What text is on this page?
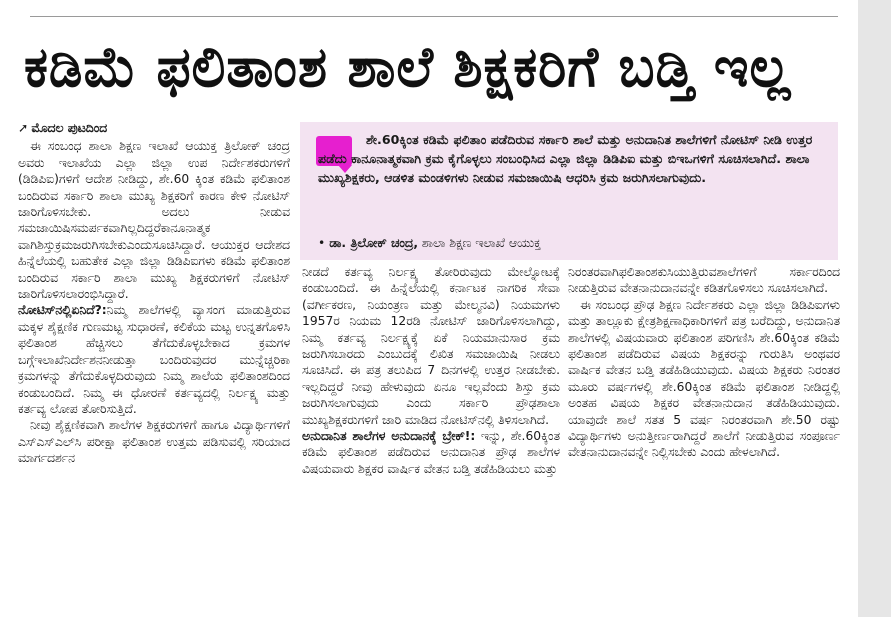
ಕಡಿಮೆ ಫಲಿತಾಂಶ ಶಾಲೆ ಶಿಕ್ಷಕರಿಗೆ ಬಡ್ತಿ ಇಲ್ಲ
➚ ಮೊದಲ ಪುಟದಿಂದ

ಈ ಸಂಬಂಧ ಶಾಲಾ ಶಿಕ್ಷಣ ಇಲಾಖೆ ಆಯುಕ್ತ ತ್ರಿಲೋಕ್ ಚಂದ್ರ ಅವರು ಇಲಾಖೆಯ ಎಲ್ಲಾ ಜಿಲ್ಲಾ ಉಪ ನಿರ್ದೇಶಕರುಗಳಿಗೆ (ಡಿಡಿಪಿಐ)ಗಳಿಗೆ ಆದೇಶ ನೀಡಿದ್ದು, ಶೇ.60 ಕ್ಕಿಂತ ಕಡಿಮೆ ಫಲಿತಾಂಶ ಬಂದಿರುವ ಸರ್ಕಾರಿ ಶಾಲಾ ಮುಖ್ಯ ಶಿಕ್ಷಕರಿಗೆ ಕಾರಣ ಕೇಳಿ ನೋಟಿಸ್ ಜಾರಿಗೊಳಿಸಬೇಕು. ಅದಲು ನೀಡುವ ಸಮಜಾಯಿಷಿಸಮರ್ಪಕವಾಗಿಲ್ಲದಿದ್ದರೆಕಾನೂನಾತ್ಮಕ ವಾಗಿಶಿಸ್ತುಕ್ರಮಜರುಗಿಸಬೇಕುಎಂದುಸೂಚಿಸಿದ್ದಾರೆ. ಆಯುಕ್ತರ ಆದೇಶದ ಹಿನ್ನೆಲೆಯಲ್ಲಿ ಬಹುತೇಕ ಎಲ್ಲಾ ಜಿಲ್ಲಾ ಡಿಡಿಪಿಐಗಳು ಕಡಿಮೆ ಫಲಿತಾಂಶ ಬಂದಿರುವ ಸರ್ಕಾರಿ ಶಾಲಾ ಮುಖ್ಯ ಶಿಕ್ಷಕರುಗಳಿಗೆ ನೋಟಿಸ್ ಜಾರಿಗೊಳಿಸಲಾರಂಭಿಸಿದ್ದಾರೆ.

ನೋಟಿಸ್‌ನಲ್ಲಿಏನಿದೆ?:ನಿಮ್ಮ ಶಾಲೆಗಳಲ್ಲಿ ವ್ಯಾಸಂಗ ಮಾಡುತ್ತಿರುವ ಮಕ್ಕಳ ಶೈಕ್ಷಣಿಕ ಗುಣಮಟ್ಟ ಸುಧಾರಣೆ, ಕಲಿಕೆಯ ಮಟ್ಟ ಉನ್ನತಗೊಳಿಸಿ ಫಲಿತಾಂಶ ಹೆಚ್ಚಿಸಲು ತೆಗೆದುಕೊಳ್ಳಬೇಕಾದ ಕ್ರಮಗಳ ಬಗ್ಗೆಇಲಾಖೆನಿರ್ದೇಶನನೀಡುತ್ತಾ ಬಂದಿರುವುದರ ಮುನ್ನೆಚ್ಚರಿಕಾ ಕ್ರಮಗಳನ್ನು ತೆಗೆದುಕೊಳ್ಳದಿರುವುದು ನಿಮ್ಮ ಶಾಲೆಯ ಫಲಿತಾಂಶದಿಂದ ಕಂಡುಬಂದಿದೆ. ನಿಮ್ಮ ಈ ಧೋರಣೆ ಕರ್ತವ್ಯದಲ್ಲಿ ನಿರ್ಲಕ್ಷ್ಯ ಮತ್ತು ಕರ್ತವ್ಯ ಲೋಪ ತೋರಿಸುತ್ತಿದೆ.

ನೀವು ಶೈಕ್ಷಣಿಕವಾಗಿ ಶಾಲೆಗಳ ಶಿಕ್ಷಕರುಗಳಿಗೆ ಹಾಗೂ ವಿದ್ಯಾರ್ಥಿಗಳಿಗೆ ಎಸ್ಎಸ್ಎಲ್‌ಸಿ ಪರೀಕ್ಷಾ ಫಲಿತಾಂಶ ಉತ್ತಮ ಪಡಿಸುವಲ್ಲಿ ಸರಿಯಾದ ಮಾರ್ಗದರ್ಶನ

ಶೇ.60ಕ್ಕಿಂತ ಕಡಿಮೆ ಫಲಿತಾಂ ಪಡೆದಿರುವ ಸರ್ಕಾರಿ ಶಾಲೆ ಮತ್ತು ಅನುದಾನಿತ ಶಾಲೆಗಳಿಗೆ ನೋಟಿಸ್ ನೀಡಿ ಉತ್ತರ ಪಡೆದು ಕಾನೂನಾತ್ಮಕವಾಗಿ ಕ್ರಮ ಕೈಗೊಳ್ಳಲು ಸಂಬಂಧಿಸಿದ ಎಲ್ಲಾ ಜಿಲ್ಲಾ ಡಿಡಿಪಿಐ ಮತ್ತು ಬಿಇಒಗಳಿಗೆ ಸೂಚಿಸಲಾಗಿದೆ. ಶಾಲಾ ಮುಖ್ಯಶಿಕ್ಷಕರು, ಆಡಳಿತ ಮಂಡಳಿಗಳು ನೀಡುವ ಸಮಜಾಯಿಷಿ ಆಧರಿಸಿ ಕ್ರಮ ಜರುಗಿಸಲಾಗುವುದು.
• ಡಾ. ತ್ರಿಲೋಕ್ ಚಂದ್ರ, ಶಾಲಾ ಶಿಕ್ಷಣ ಇಲಾಖೆ ಆಯುಕ್ತ

ನೀಡದೆ ಕರ್ತವ್ಯ ನಿರ್ಲಕ್ಷ್ಯ ತೋರಿರುವುದು ಮೇಲ್ನೋಟಕ್ಕೆ ಕಂಡುಬಂದಿದೆ. ಈ ಹಿನ್ನೆಲೆಯಲ್ಲಿ ಕರ್ನಾಟಕ ನಾಗರಿಕ ಸೇವಾ (ವರ್ಗೀಕರಣ, ನಿಯಂತ್ರಣ ಮತ್ತು ಮೇಲ್ಮನವಿ) ನಿಯಮಗಳು 1957ರ ನಿಯಮ 12ರಡಿ ನೋಟಿಸ್ ಜಾರಿಗೊಳಿಸಲಾಗಿದ್ದು, ನಿಮ್ಮ ಕರ್ತವ್ಯ ನಿರ್ಲಕ್ಷ್ಯಕ್ಕೆ ಏಕೆ ನಿಯಮಾನುಸಾರ ಕ್ರಮ ಜರುಗಿಸಬಾರದು ಎಂಬುದಕ್ಕೆ ಲಿಖಿತ ಸಮಜಾಯಿಷಿ ನೀಡಲು ಸೂಚಿಸಿದೆ. ಈ ಪತ್ರ ತಲುಪಿದ 7 ದಿನಗಳಲ್ಲಿ ಉತ್ತರ ನೀಡಬೇಕು. ಇಲ್ಲದಿದ್ದರೆ ನೀವು ಹೇಳುವುದು ಏನೂ ಇಲ್ಲವೆಂದು ಶಿಸ್ತು ಕ್ರಮ ಜರುಗಿಸಲಾಗುವುದು ಎಂದು ಸರ್ಕಾರಿ ಪ್ರೌಢಶಾಲಾ ಮುಖ್ಯಶಿಕ್ಷಕರುಗಳಿಗೆ ಜಾರಿ ಮಾಡಿದ ನೋಟಿಸ್‌ನಲ್ಲಿ ತಿಳಿಸಲಾಗಿದೆ.

ಅನುದಾನಿತ ಶಾಲೆಗಳ ಅನುದಾನಕ್ಕೆ ಬ್ರೇಕ್!: ಇನ್ನು, ಶೇ.60ಕ್ಕಿಂತ ಕಡಿಮೆ ಫಲಿತಾಂಶ ಪಡೆದಿರುವ ಅನುದಾನಿತ ಪ್ರೌಢ ಶಾಲೆಗಳ ವಿಷಯವಾರು ಶಿಕ್ಷಕರ ವಾರ್ಷಿಕ ವೇತನ ಬಡ್ತಿ ತಡೆಹಿಡಿಯಲು ಮತ್ತು

ನಿರಂತರವಾಗಿಫಲಿತಾಂಶಕುಸಿಯುತ್ತಿರುವಶಾಲೆಗಳಿಗೆ ಸರ್ಕಾರದಿಂದ ನೀಡುತ್ತಿರುವ ವೇತನಾನುದಾನವನ್ನೇ ಕಡಿತಗೊಳಿಸಲು ಸೂಚಿಸಲಾಗಿದೆ.

ಈ ಸಂಬಂಧ ಪ್ರೌಢ ಶಿಕ್ಷಣ ನಿರ್ದೇಶಕರು ಎಲ್ಲಾ ಜಿಲ್ಲಾ ಡಿಡಿಪಿಐಗಳು ಮತ್ತು ತಾಲ್ಲೂಕು ಕ್ಷೇತ್ರಶಿಕ್ಷಣಾಧಿಕಾರಿಗಳಿಗೆ ಪತ್ರ ಬರೆದಿದ್ದು, ಅನುದಾನಿತ ಶಾಲೆಗಳಲ್ಲಿ ವಿಷಯವಾರು ಫಲಿತಾಂಶ ಪರಿಗಣಿಸಿ ಶೇ.60ಕ್ಕಿಂತ ಕಡಿಮೆ ಫಲಿತಾಂಶ ಪಡೆದಿರುವ ವಿಷಯ ಶಿಕ್ಷಕರನ್ನು ಗುರುತಿಸಿ ಅಂಥವರ ವಾರ್ಷಿಕ ವೇತನ ಬಡ್ತಿ ತಡೆಹಿಡಿಯುವುದು. ವಿಷಯ ಶಿಕ್ಷಕರು ನಿರಂತರ ಮೂರು ವರ್ಷಗಳಲ್ಲಿ ಶೇ.60ಕ್ಕಿಂತ ಕಡಿಮೆ ಫಲಿತಾಂಶ ನೀಡಿದ್ದಲ್ಲಿ ಅಂತಹ ವಿಷಯ ಶಿಕ್ಷಕರ ವೇತನಾನುದಾನ ತಡೆಹಿಡಿಯುವುದು. ಯಾವುದೇ ಶಾಲೆ ಸತತ 5 ವರ್ಷ ನಿರಂತರವಾಗಿ ಶೇ.50 ರಷ್ಟು ವಿದ್ಯಾರ್ಥಿಗಳು ಅನುತ್ತೀರ್ಣರಾಗಿದ್ದರೆ ಶಾಲೆಗೆ ನೀಡುತ್ತಿರುವ ಸಂಪೂರ್ಣ ವೇತನಾನುದಾನವನ್ನೇ ನಿಲ್ಲಿಸಬೇಕು ಎಂದು ಹೇಳಲಾಗಿದೆ.
